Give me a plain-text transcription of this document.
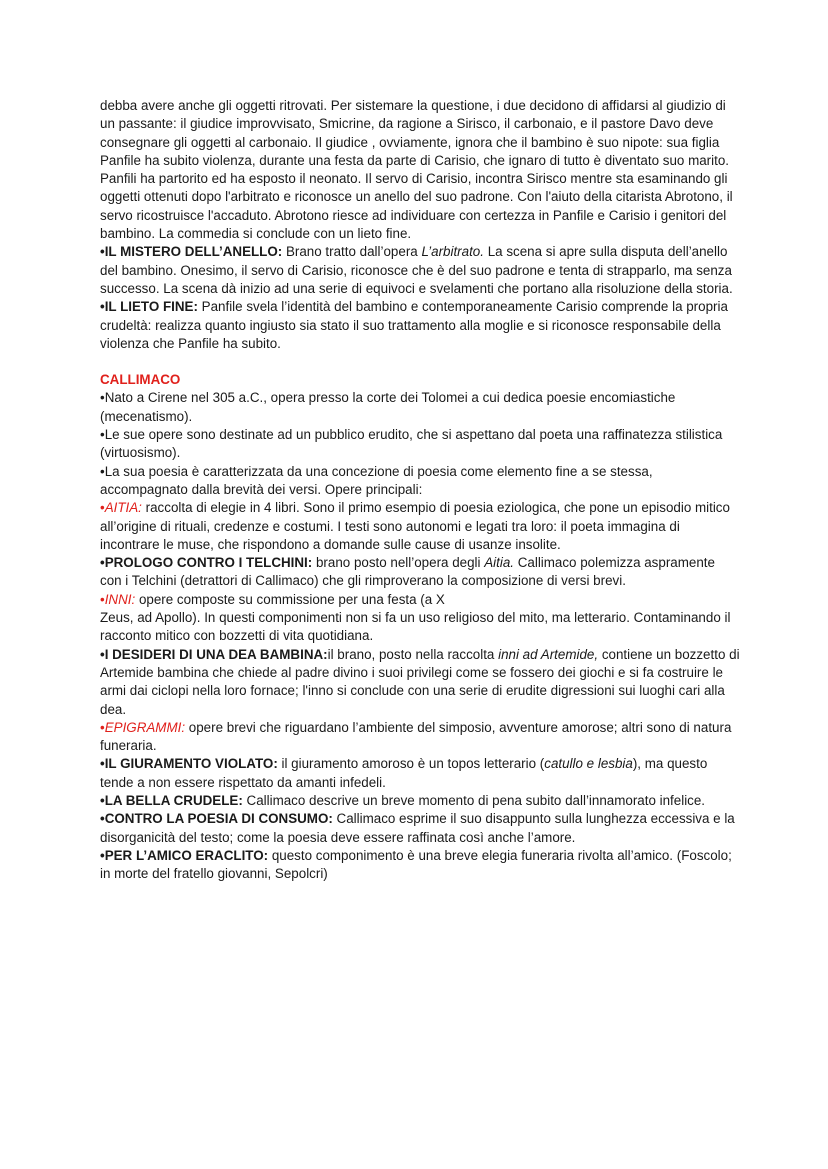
debba avere anche gli oggetti ritrovati. Per sistemare la questione, i due decidono di affidarsi al giudizio di un passante: il giudice improvvisato, Smicrine, da ragione a Sirisco, il carbonaio, e il pastore Davo deve consegnare gli oggetti al carbonaio. Il giudice , ovviamente, ignora che il bambino è suo nipote: sua figlia Panfile ha subito violenza, durante una festa da parte di Carisio, che ignaro di tutto è diventato suo marito. Panfili ha partorito ed ha esposto il neonato. Il servo di Carisio, incontra Sirisco mentre sta esaminando gli oggetti ottenuti dopo l'arbitrato e riconosce un anello del suo padrone. Con l'aiuto della citarista Abrotono, il servo ricostruisce l'accaduto. Abrotono riesce ad individuare con certezza in Panfile e Carisio i genitori del bambino. La commedia si conclude con un lieto fine.

•IL MISTERO DELL’ANELLO: Brano tratto dall’opera L’arbitrato. La scena si apre sulla disputa dell’anello del bambino. Onesimo, il servo di Carisio, riconosce che è del suo padrone e tenta di strapparlo, ma senza successo. La scena dà inizio ad una serie di equivoci e svelamenti che portano alla risoluzione della storia.

•IL LIETO FINE: Panfile svela l’identità del bambino e contemporaneamente Carisio comprende la propria crudeltà: realizza quanto ingiusto sia stato il suo trattamento alla moglie e si riconosce responsabile della violenza che Panfile ha subito.

CALLIMACO

•Nato a Cirene nel 305 a.C., opera presso la corte dei Tolomei a cui dedica poesie encomiastiche (mecenatismo).

•Le sue opere sono destinate ad un pubblico erudito, che si aspettano dal poeta una raffinatezza stilistica (virtuosismo).

•La sua poesia è caratterizzata da una concezione di poesia come elemento fine a se stessa, accompagnato dalla brevità dei versi. Opere principali:

•AITIA: raccolta di elegie in 4 libri. Sono il primo esempio di poesia eziologica, che pone un episodio mitico all’origine di rituali, credenze e costumi. I testi sono autonomi e legati tra loro: il poeta immagina di incontrare le muse, che rispondono a domande sulle cause di usanze insolite.

•PROLOGO CONTRO I TELCHINI: brano posto nell’opera degli Aitia. Callimaco polemizza aspramente con i Telchini (detrattori di Callimaco) che gli rimproverano la composizione di versi brevi.

•INNI: opere composte su commissione per una festa (a X

Zeus, ad Apollo). In questi componimenti non si fa un uso religioso del mito, ma letterario. Contaminando il racconto mitico con bozzetti di vita quotidiana.

•I DESIDERI DI UNA DEA BAMBINA:il brano, posto nella raccolta inni ad Artemide, contiene un bozzetto di Artemide bambina che chiede al padre divino i suoi privilegi come se fossero dei giochi e si fa costruire le armi dai ciclopi nella loro fornace; l'inno si conclude con una serie di erudite digressioni sui luoghi cari alla dea.

•EPIGRAMMI: opere brevi che riguardano l’ambiente del simposio, avventure amorose; altri sono di natura funeraria.

•IL GIURAMENTO VIOLATO: il giuramento amoroso è un topos letterario (catullo e lesbia), ma questo tende a non essere rispettato da amanti infedeli.

•LA BELLA CRUDELE: Callimaco descrive un breve momento di pena subito dall’innamorato infelice.

•CONTRO LA POESIA DI CONSUMO: Callimaco esprime il suo disappunto sulla lunghezza eccessiva e la disorganicità del testo; come la poesia deve essere raffinata così anche l’amore.

•PER L’AMICO ERACLITO: questo componimento è una breve elegia funeraria rivolta all’amico. (Foscolo; in morte del fratello giovanni, Sepolcri)
